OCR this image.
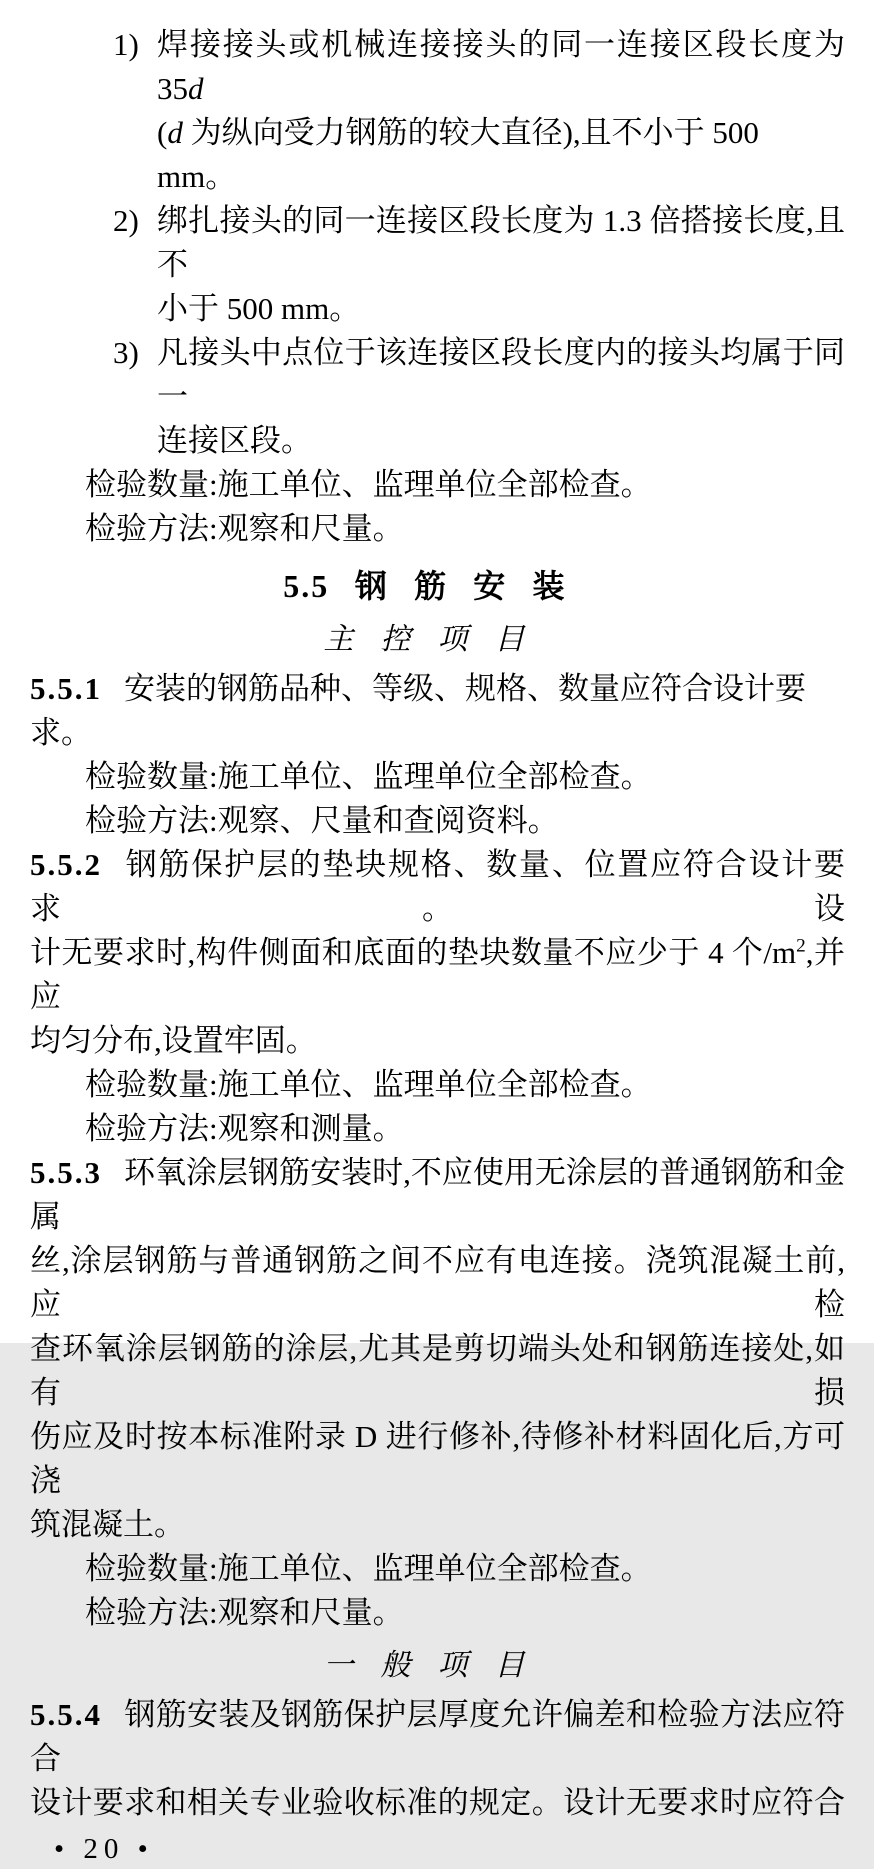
1) 焊接接头或机械连接接头的同一连接区段长度为 35d
(d 为纵向受力钢筋的较大直径),且不小于 500 mm。
2) 绑扎接头的同一连接区段长度为 1.3 倍搭接长度,且不
小于 500 mm。
3) 凡接头中点位于该连接区段长度内的接头均属于同一
连接区段。
检验数量:施工单位、监理单位全部检查。
检验方法:观察和尺量。
5.5 钢筋安装
主控项目
5.5.1 安装的钢筋品种、等级、规格、数量应符合设计要求。
检验数量:施工单位、监理单位全部检查。
检验方法:观察、尺量和查阅资料。
5.5.2 钢筋保护层的垫块规格、数量、位置应符合设计要求。设
计无要求时,构件侧面和底面的垫块数量不应少于 4 个$/m^2$,并应
均匀分布,设置牢固。
检验数量:施工单位、监理单位全部检查。
检验方法:观察和测量。
5.5.3 环氧涂层钢筋安装时,不应使用无涂层的普通钢筋和金属
丝,涂层钢筋与普通钢筋之间不应有电连接。浇筑混凝土前,应检
查环氧涂层钢筋的涂层,尤其是剪切端头处和钢筋连接处,如有损
伤应及时按本标准附录 D 进行修补,待修补材料固化后,方可浇
筑混凝土。
检验数量:施工单位、监理单位全部检查。
检验方法:观察和尺量。
一般项目
5.5.4 钢筋安装及钢筋保护层厚度允许偏差和检验方法应符合
设计要求和相关专业验收标准的规定。设计无要求时应符合
• 20 •
